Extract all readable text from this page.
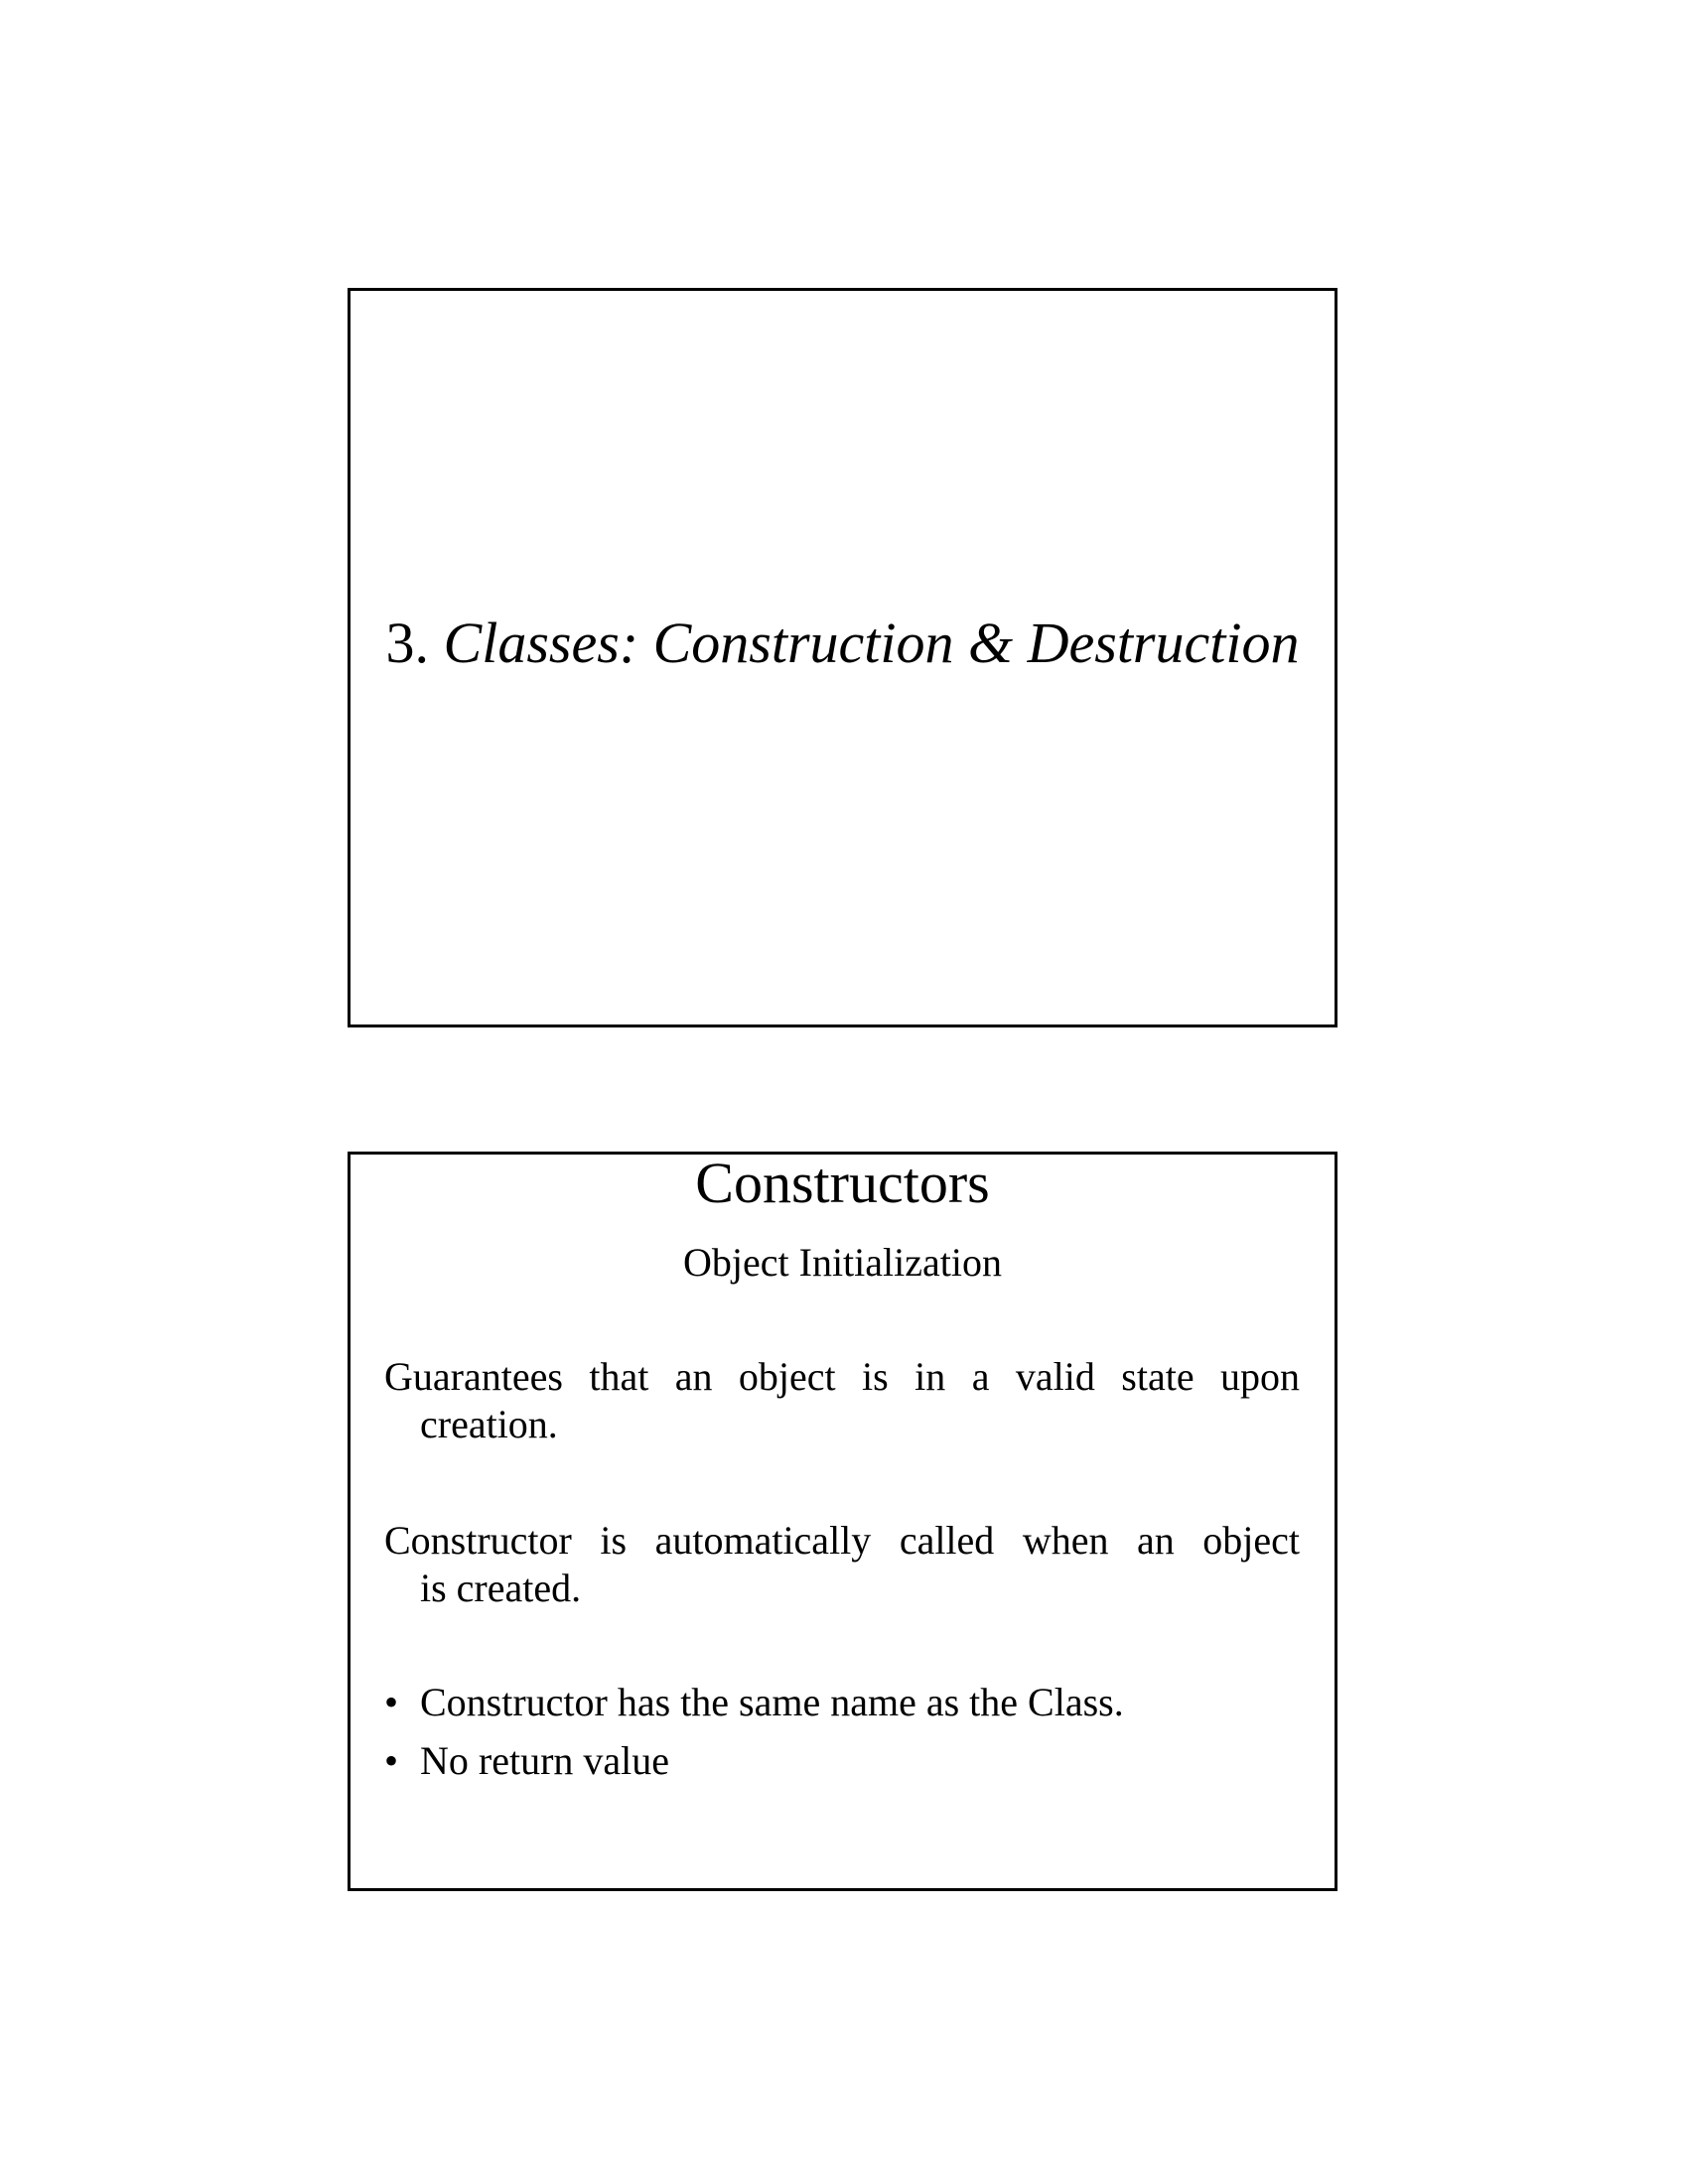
3. Classes: Construction & Destruction
Constructors
Object Initialization
Guarantees that an object is in a valid state upon
creation.
Constructor is automatically called when an object
is created.
• Constructor has the same name as the Class.
• No return value
